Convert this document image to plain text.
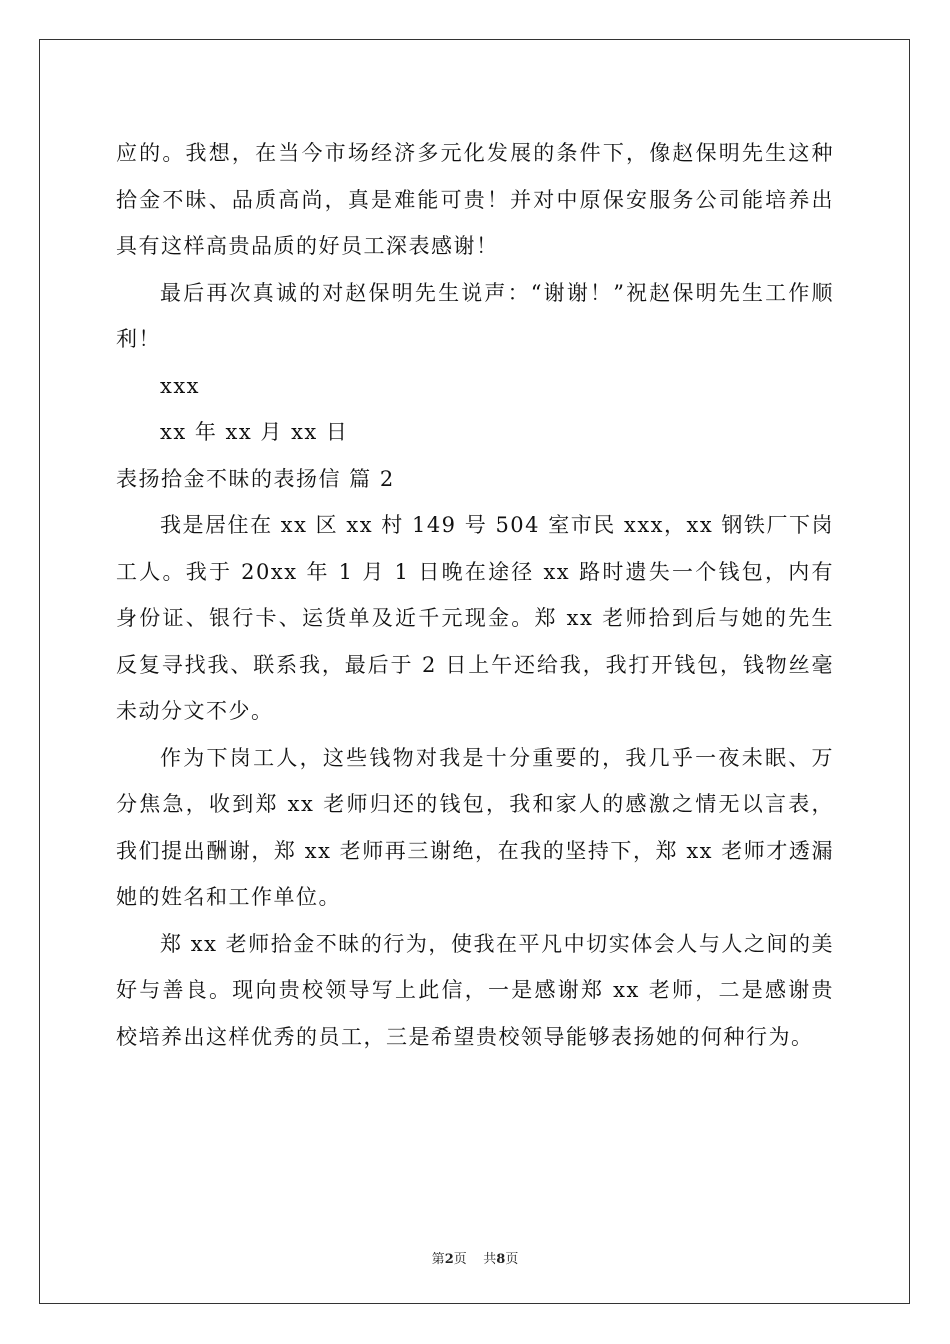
应的。我想，在当今市场经济多元化发展的条件下，像赵保明先生这种拾金不昧、品质高尚，真是难能可贵！并对中原保安服务公司能培养出具有这样高贵品质的好员工深表感谢！

最后再次真诚的对赵保明先生说声：“谢谢！”祝赵保明先生工作顺利！

xxx

xx 年 xx 月 xx 日

表扬拾金不昧的表扬信 篇 2

我是居住在 xx 区 xx 村 149 号 504 室市民 xxx，xx 钢铁厂下岗工人。我于 20xx 年 1 月 1 日晚在途径 xx 路时遗失一个钱包，内有身份证、银行卡、运货单及近千元现金。郑 xx 老师拾到后与她的先生反复寻找我、联系我，最后于 2 日上午还给我，我打开钱包，钱物丝毫未动分文不少。

作为下岗工人，这些钱物对我是十分重要的，我几乎一夜未眠、万分焦急，收到郑 xx 老师归还的钱包，我和家人的感激之情无以言表，我们提出酬谢，郑 xx 老师再三谢绝，在我的坚持下，郑 xx 老师才透漏她的姓名和工作单位。

郑 xx 老师拾金不昧的行为，使我在平凡中切实体会人与人之间的美好与善良。现向贵校领导写上此信，一是感谢郑 xx 老师，二是感谢贵校培养出这样优秀的员工，三是希望贵校领导能够表扬她的何种行为。

第2页    共8页
